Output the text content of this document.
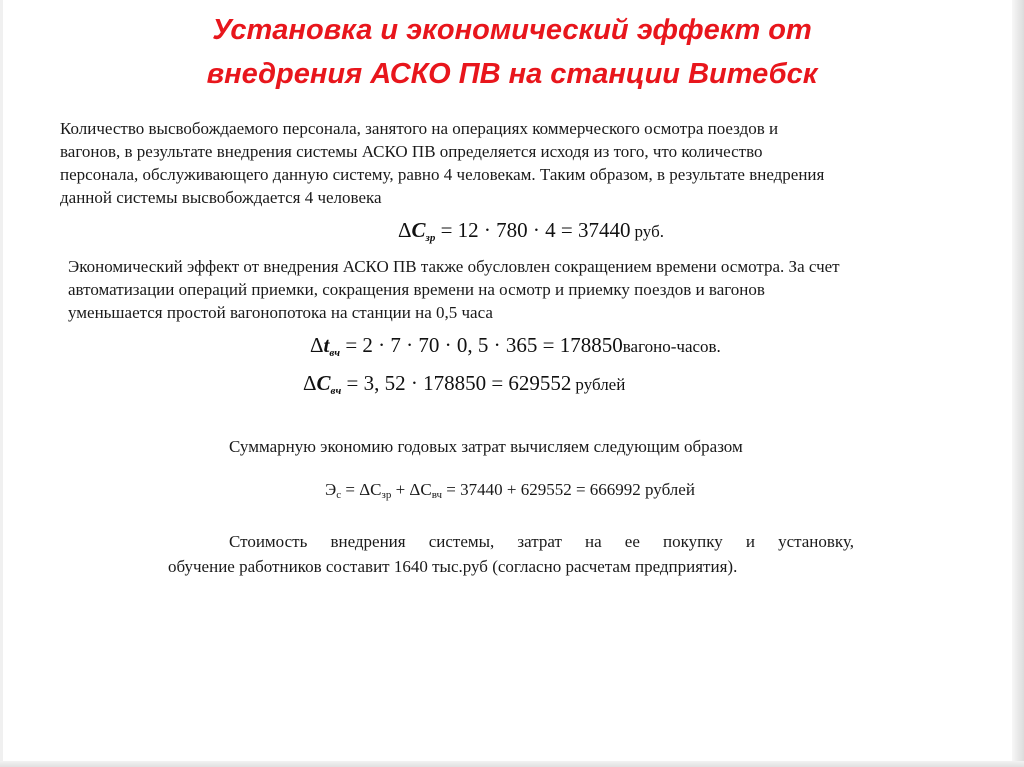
Установка и экономический эффект от
внедрения АСКО ПВ на станции Витебск
Количество высвобождаемого персонала, занятого на операциях коммерческого осмотра поездов и
вагонов, в результате внедрения системы АСКО ПВ определяется исходя из того, что количество
персонала, обслуживающего данную систему, равно 4 человекам. Таким образом, в результате внедрения
данной системы высвобождается 4 человека
$\Delta C_{зр} = 12 \cdot 780 \cdot 4 = 37440$ руб.
Экономический эффект от внедрения АСКО ПВ также обусловлен сокращением времени осмотра. За счет
автоматизации операций приемки, сокращения времени на осмотр и приемку поездов и вагонов
уменьшается простой вагонопотока на станции на 0,5 часа
$\Delta t_{вч} = 2 \cdot 7 \cdot 70 \cdot 0$, 5 · 365 = 178850вагоно-часов.
$\Delta C_{вч} = 3$, 52 · 178850 = 629552 рублей
Суммарную экономию годовых затрат вычисляем следующим образом
$Э_с = \Delta С_{зр} + \Delta С_{вч} = 37440 + 629552 = 666992$ рублей
Стоимость внедрения системы, затрат на ее покупку и установку,
обучение работников составит 1640 тыс.руб (согласно расчетам предприятия).
